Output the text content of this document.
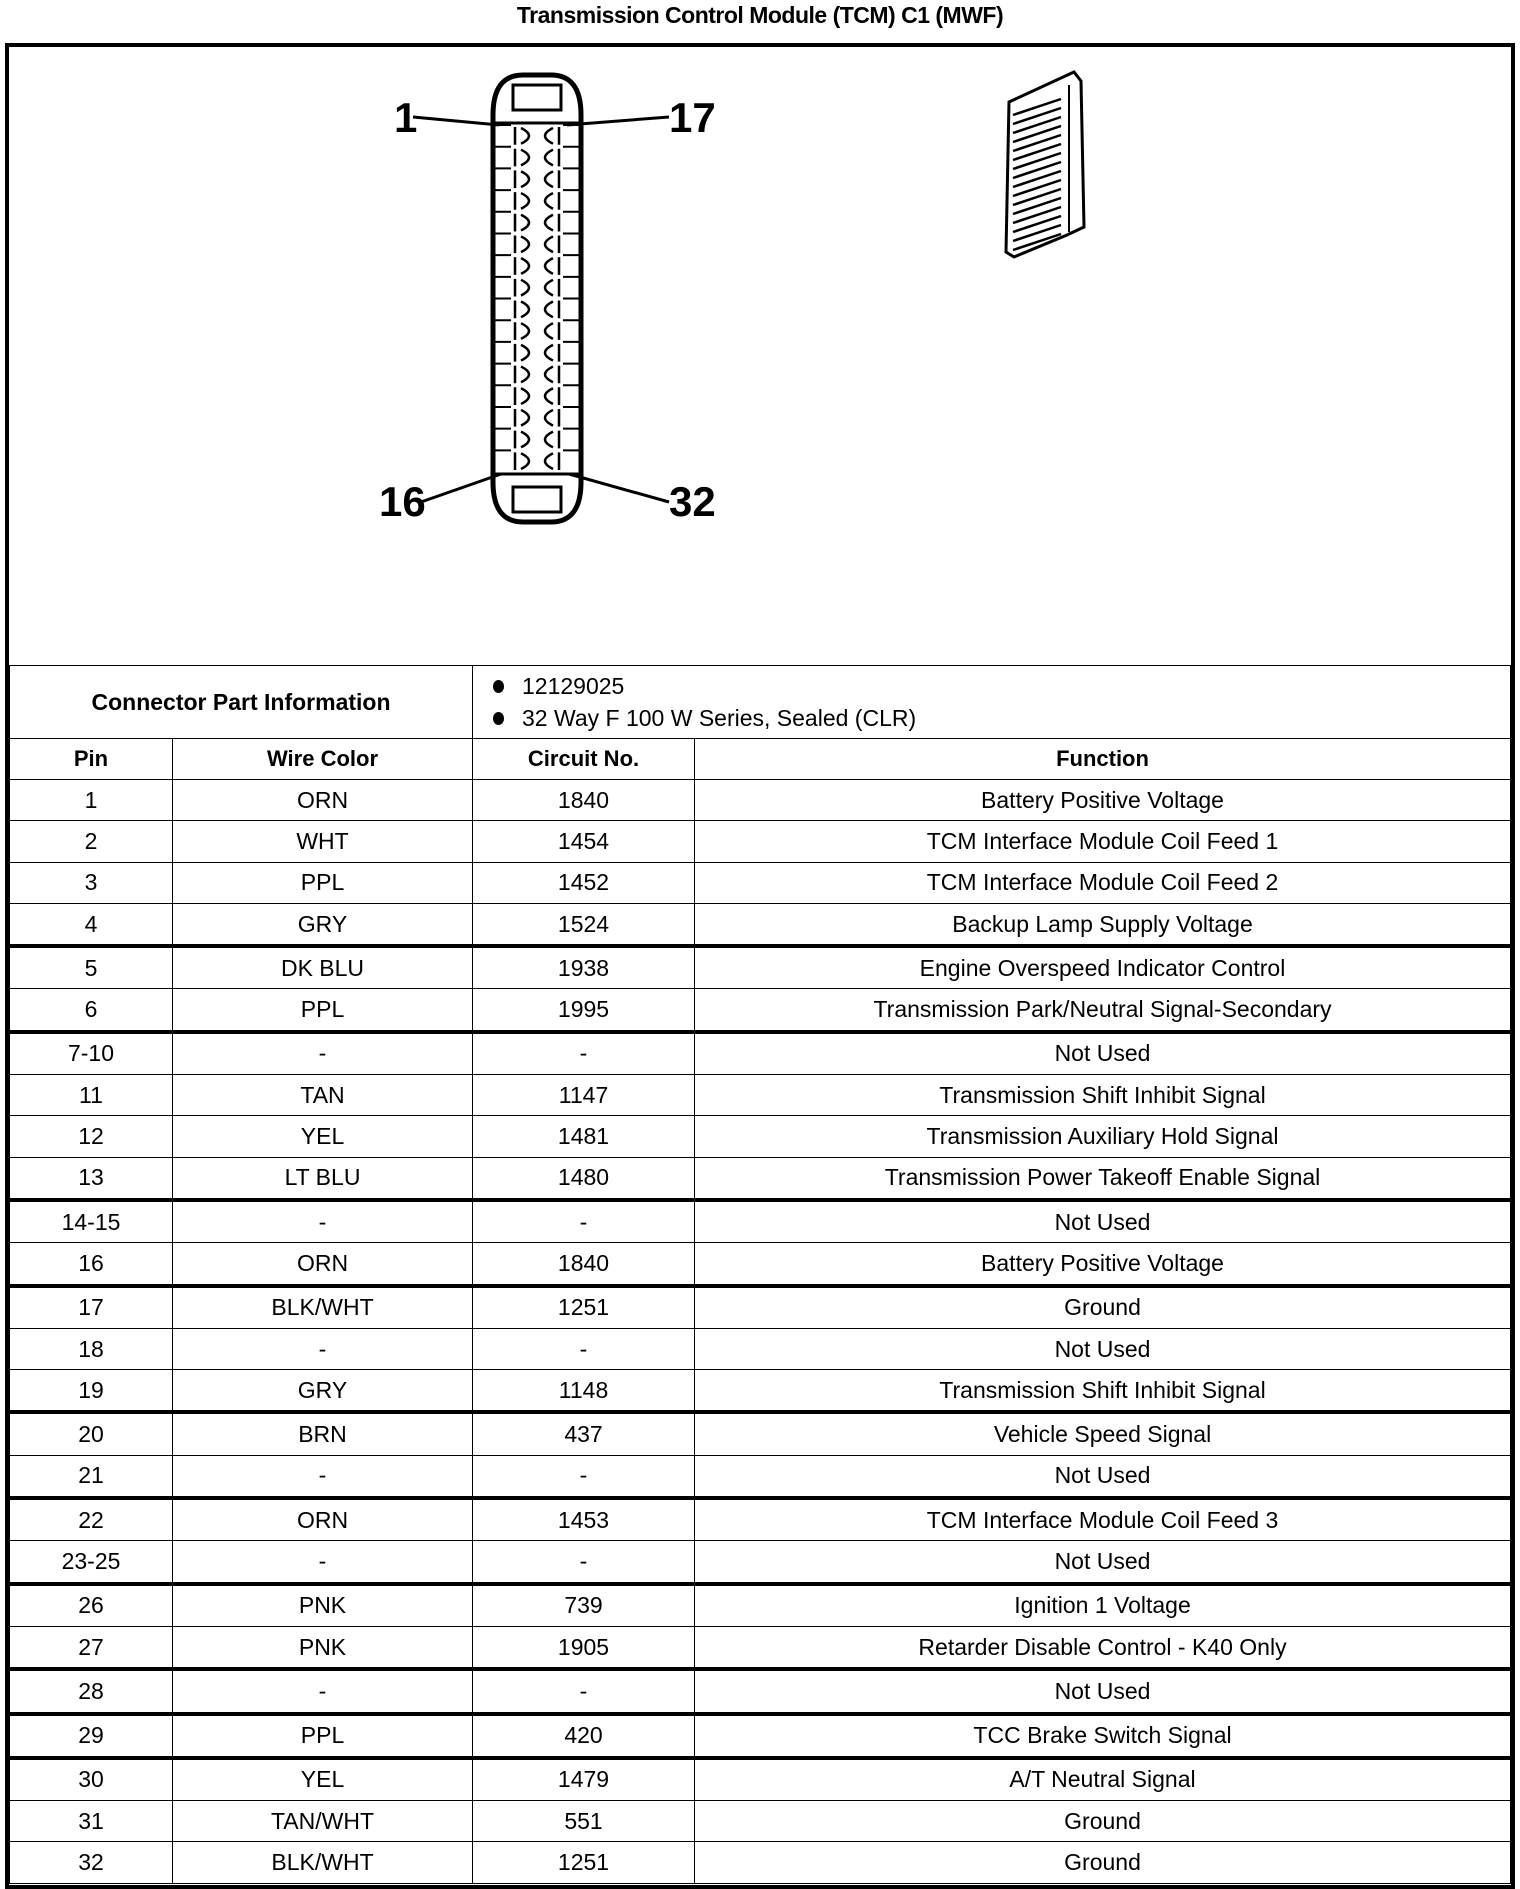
Transmission Control Module (TCM) C1 (MWF)
1	17
16	32
Connector Part Information		12129025
32 Way F 100 W Series, Sealed (CLR)	

Pin	Wire Color	Circuit No.	Function
1	ORN	1840	Battery Positive Voltage
2	WHT	1454	TCM Interface Module Coil Feed 1
3	PPL	1452	TCM Interface Module Coil Feed 2
4	GRY	1524	Backup Lamp Supply Voltage
5	DK BLU	1938	Engine Overspeed Indicator Control
6	PPL	1995	Transmission Park/Neutral Signal-Secondary
7-10	-	-	Not Used
11	TAN	1147	Transmission Shift Inhibit Signal
12	YEL	1481	Transmission Auxiliary Hold Signal
13	LT BLU	1480	Transmission Power Takeoff Enable Signal
14-15	-	-	Not Used
16	ORN	1840	Battery Positive Voltage
17	BLK/WHT	1251	Ground
18	-	-	Not Used
19	GRY	1148	Transmission Shift Inhibit Signal
20	BRN	437	Vehicle Speed Signal
21	-	-	Not Used
22	ORN	1453	TCM Interface Module Coil Feed 3
23-25	-	-	Not Used
26	PNK	739	Ignition 1 Voltage
27	PNK	1905	Retarder Disable Control - K40 Only
28	-	-	Not Used
29	PPL	420	TCC Brake Switch Signal
30	YEL	1479	A/T Neutral Signal
31	TAN/WHT	551	Ground
32	BLK/WHT	1251	Ground
